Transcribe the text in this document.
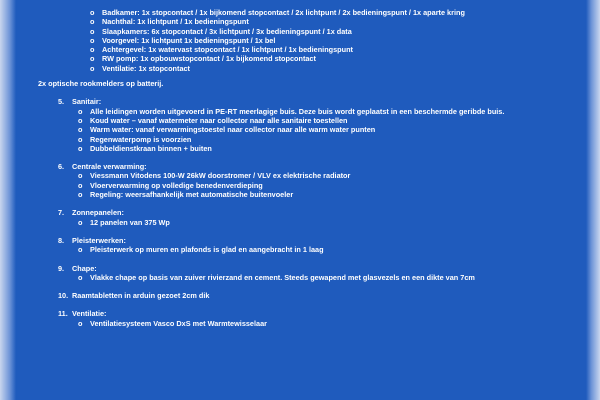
o Badkamer: 1x stopcontact / 1x bijkomend stopcontact / 2x lichtpunt / 2x bedieningspunt / 1x aparte kring
o Nachthal: 1x lichtpunt / 1x bedieningspunt
o Slaapkamers: 6x stopcontact / 3x lichtpunt / 3x bedieningspunt / 1x data
o Voorgevel: 1x lichtpunt 1x bedieningspunt / 1x bel
o Achtergevel: 1x watervast stopcontact / 1x lichtpunt / 1x bedieningspunt
o RW pomp: 1x opbouwstopcontact / 1x bijkomend stopcontact
o Ventilatie: 1x stopcontact
2x optische rookmelders op batterij.
5. Sanitair:
o Alle leidingen worden uitgevoerd in PE-RT meerlagige buis. Deze buis wordt geplaatst in een beschermde geribde buis.
o Koud water – vanaf watermeter naar collector naar alle sanitaire toestellen
o Warm water: vanaf verwarmingstoestel naar collector naar alle warm water punten
o Regenwaterpomp is voorzien
o Dubbeldienstkraan binnen + buiten
6. Centrale verwarming:
o Viessmann Vitodens 100-W 26kW doorstromer / VLV ex elektrische radiator
o Vloerverwarming op volledige benedenverdieping
o Regeling: weersafhankelijk met automatische buitenvoeler
7. Zonnepanelen:
o 12 panelen van 375 Wp
8. Pleisterwerken:
o Pleisterwerk op muren en plafonds is glad en aangebracht in 1 laag
9. Chape:
o Vlakke chape op basis van zuiver rivierzand en cement. Steeds gewapend met glasvezels en een dikte van 7cm
10. Raamtabletten in arduin gezoet 2cm dik
11. Ventilatie:
o Ventilatiesysteem Vasco DxS met Warmtewisselaar
